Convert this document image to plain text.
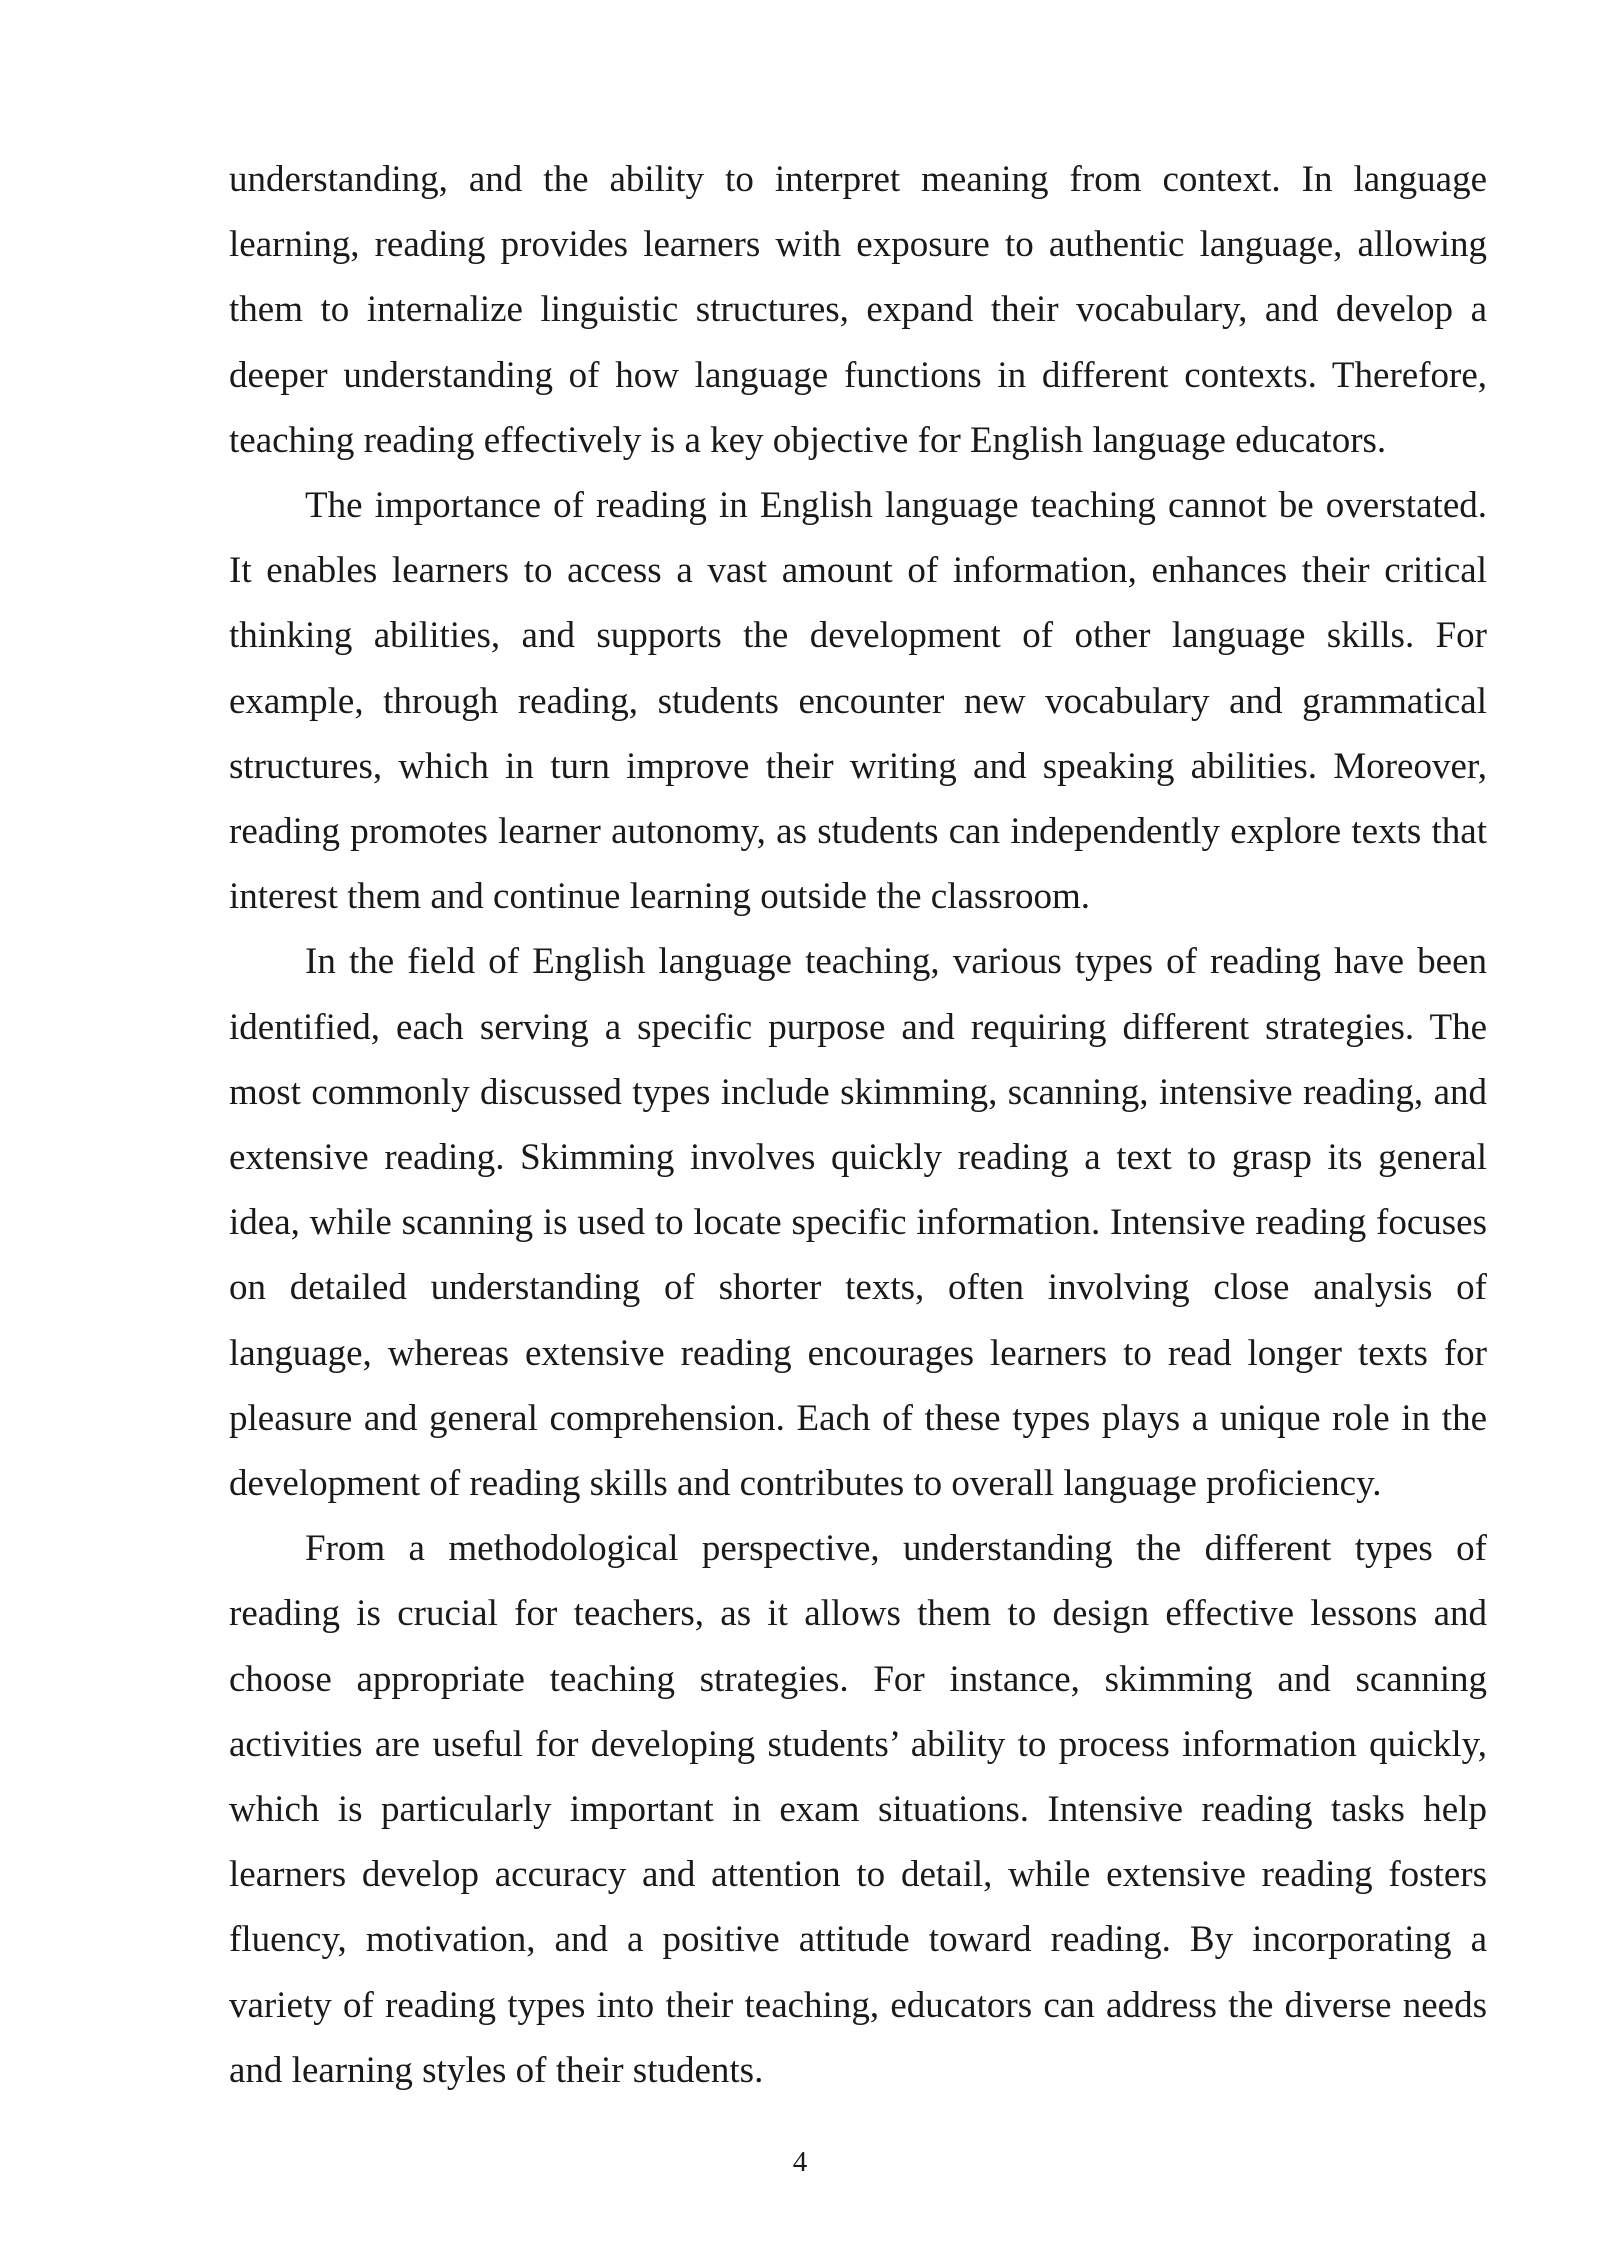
understanding, and the ability to interpret meaning from context. In language learning, reading provides learners with exposure to authentic language, allowing them to internalize linguistic structures, expand their vocabulary, and develop a deeper understanding of how language functions in different contexts. Therefore, teaching reading effectively is a key objective for English language educators.

The importance of reading in English language teaching cannot be overstated. It enables learners to access a vast amount of information, enhances their critical thinking abilities, and supports the development of other language skills. For example, through reading, students encounter new vocabulary and grammatical structures, which in turn improve their writing and speaking abilities. Moreover, reading promotes learner autonomy, as students can independently explore texts that interest them and continue learning outside the classroom.

In the field of English language teaching, various types of reading have been identified, each serving a specific purpose and requiring different strategies. The most commonly discussed types include skimming, scanning, intensive reading, and extensive reading. Skimming involves quickly reading a text to grasp its general idea, while scanning is used to locate specific information. Intensive reading focuses on detailed understanding of shorter texts, often involving close analysis of language, whereas extensive reading encourages learners to read longer texts for pleasure and general comprehension. Each of these types plays a unique role in the development of reading skills and contributes to overall language proficiency.

From a methodological perspective, understanding the different types of reading is crucial for teachers, as it allows them to design effective lessons and choose appropriate teaching strategies. For instance, skimming and scanning activities are useful for developing students’ ability to process information quickly, which is particularly important in exam situations. Intensive reading tasks help learners develop accuracy and attention to detail, while extensive reading fosters fluency, motivation, and a positive attitude toward reading. By incorporating a variety of reading types into their teaching, educators can address the diverse needs and learning styles of their students.

4
